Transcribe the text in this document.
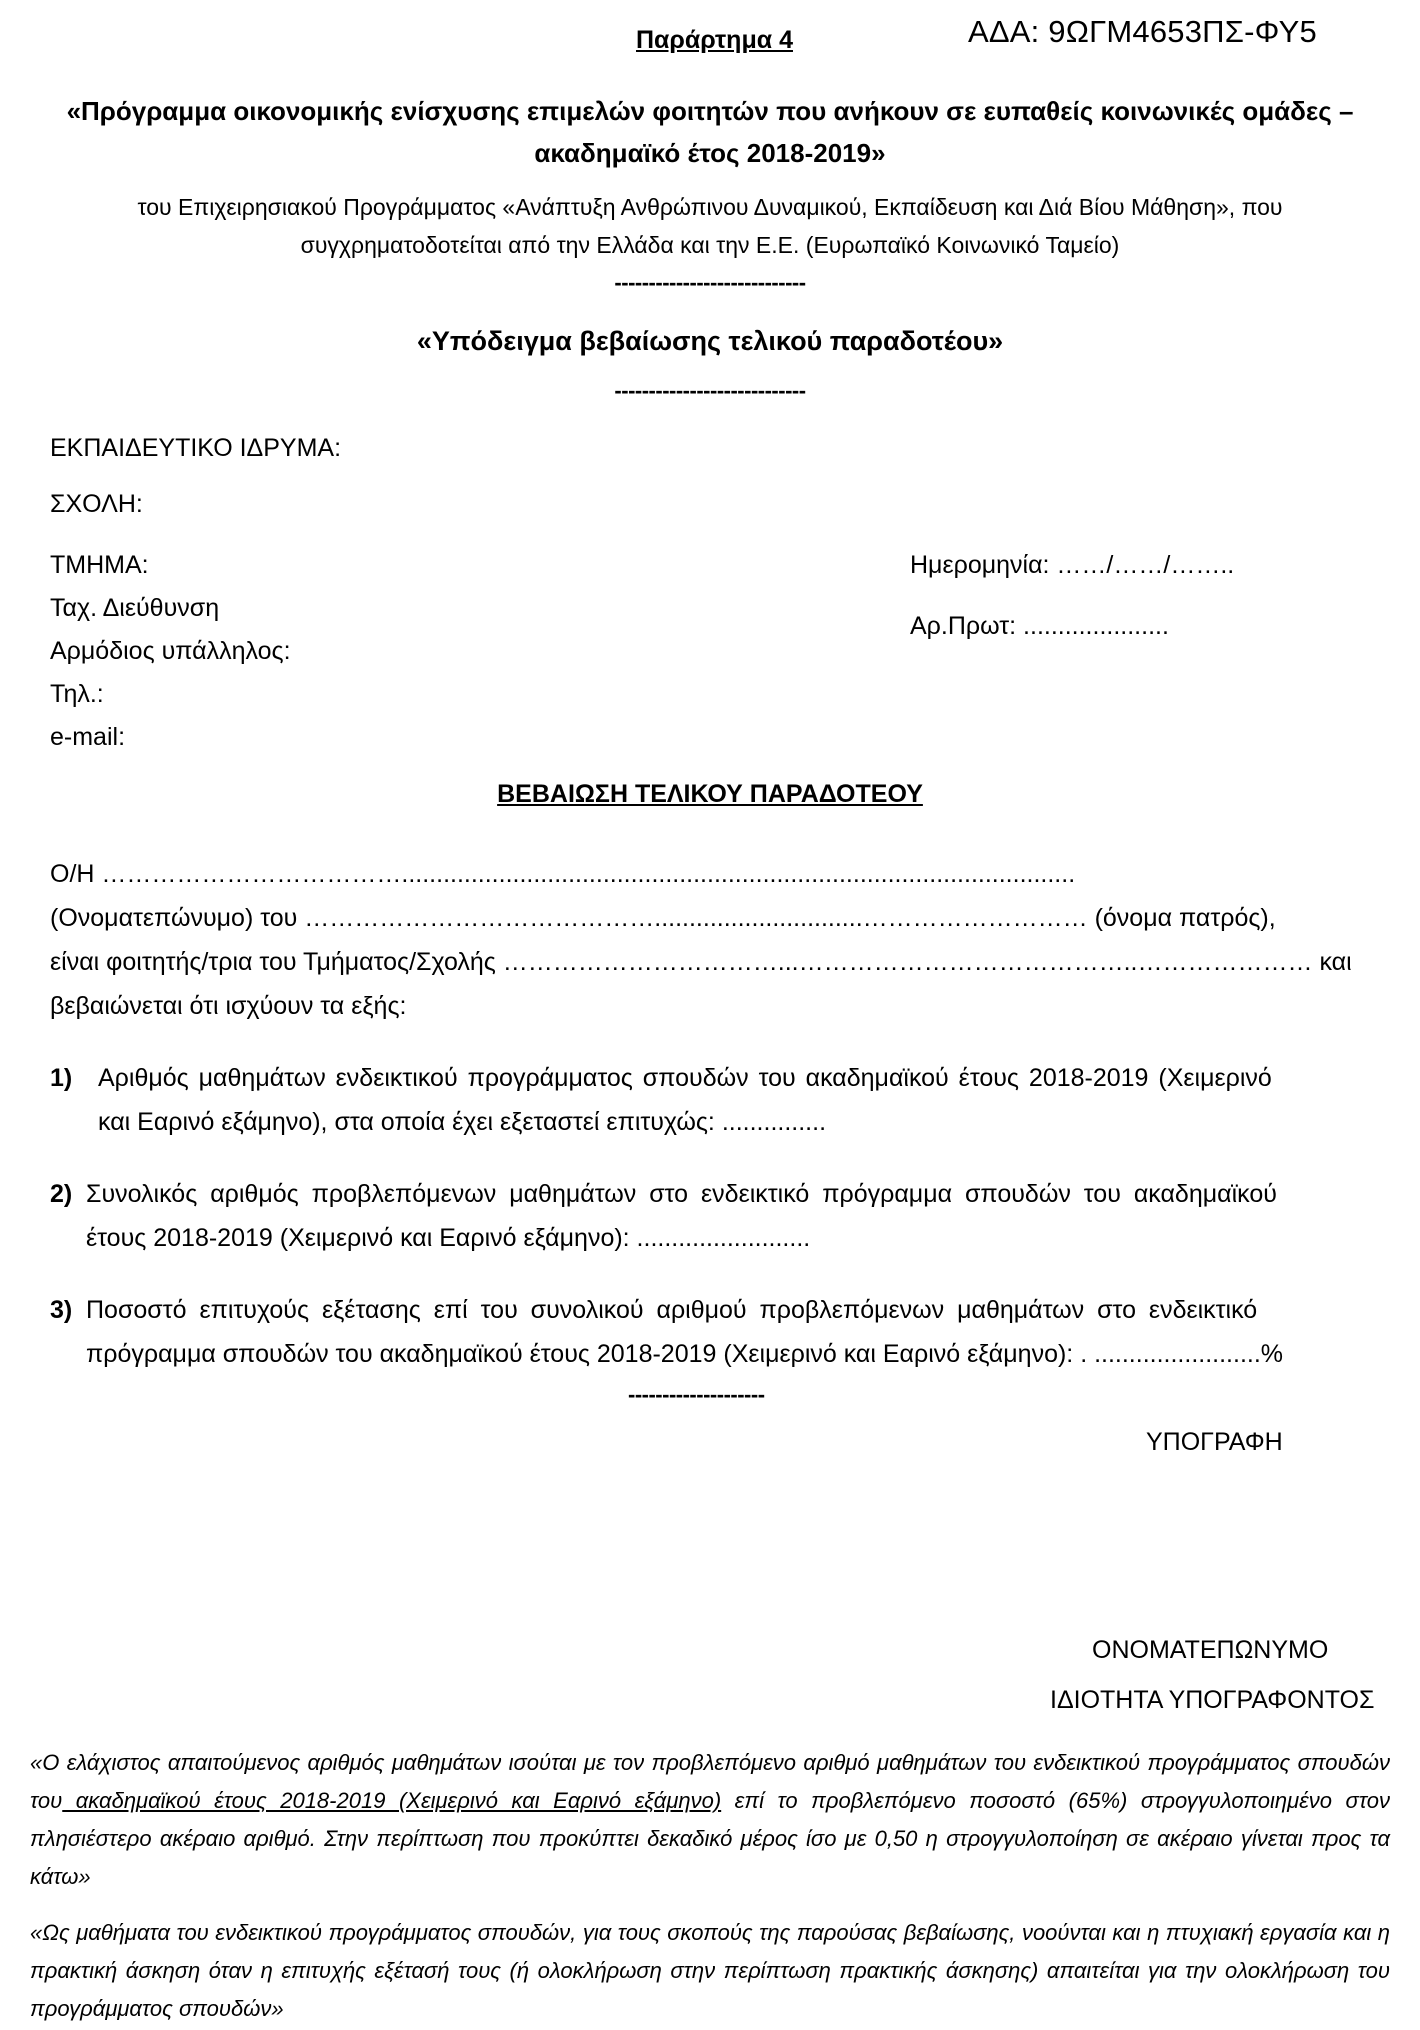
Παράρτημα 4	ΑΔΑ: 9ΩΓΜ4653ΠΣ-ΦΥ5
«Πρόγραμμα οικονομικής ενίσχυσης επιμελών φοιτητών που ανήκουν σε ευπαθείς κοινωνικές ομάδες –
ακαδημαϊκό έτος 2018-2019»
του Επιχειρησιακού Προγράμματος «Ανάπτυξη Ανθρώπινου Δυναμικού, Εκπαίδευση και Διά Βίου Μάθηση», που
συγχρηματοδοτείται από την Ελλάδα και την Ε.Ε. (Ευρωπαϊκό Κοινωνικό Ταμείο)
----------------------------
«Υπόδειγμα βεβαίωσης τελικού παραδοτέου»
----------------------------
ΕΚΠΑΙΔΕΥΤΙΚΟ ΙΔΡΥΜΑ:
ΣΧΟΛΗ:
ΤΜΗΜΑ:
Ταχ. Διεύθυνση
Αρμόδιος υπάλληλος:
Τηλ.:
e-mail:
Ημερομηνία: ……/……/……..
Αρ.Πρωτ: .....................
ΒΕΒΑΙΩΣΗ ΤΕΛΙΚΟΥ ΠΑΡΑΔΟΤΕΟΥ
Ο/Η ……………………………….................................................................................................
(Ονοματεπώνυμο) του ……………………………………..............................……………………… (όνομα πατρός),
είναι φοιτητής/τρια του Τμήματος/Σχολής ……………………………...…………………………………..………………… και
βεβαιώνεται ότι ισχύουν τα εξής:
1) Αριθμός μαθημάτων ενδεικτικού προγράμματος σπουδών του ακαδημαϊκού έτους 2018-2019 (Χειμερινό
και Εαρινό εξάμηνο), στα οποία έχει εξεταστεί επιτυχώς: ...............
2) Συνολικός αριθμός προβλεπόμενων μαθημάτων στο ενδεικτικό πρόγραμμα σπουδών του ακαδημαϊκού
έτους 2018-2019 (Χειμερινό και Εαρινό εξάμηνο): .........................
3) Ποσοστό επιτυχούς εξέτασης επί του συνολικού αριθμού προβλεπόμενων μαθημάτων στο ενδεικτικό
πρόγραμμα σπουδών του ακαδημαϊκού έτους 2018-2019 (Χειμερινό και Εαρινό εξάμηνο): . ........................%
--------------------
ΥΠΟΓΡΑΦΗ
ΟΝΟΜΑΤΕΠΩΝΥΜΟ
ΙΔΙΟΤΗΤΑ ΥΠΟΓΡΑΦΟΝΤΟΣ
«Ο ελάχιστος απαιτούμενος αριθμός μαθημάτων ισούται με τον προβλεπόμενο αριθμό μαθημάτων του ενδεικτικού προγράμματος σπουδών του ακαδημαϊκού έτους 2018-2019 (Χειμερινό και Εαρινό εξάμηνο) επί το προβλεπόμενο ποσοστό (65%) στρογγυλοποιημένο στον πλησιέστερο ακέραιο αριθμό. Στην περίπτωση που προκύπτει δεκαδικό μέρος ίσο με 0,50 η στρογγυλοποίηση σε ακέραιο γίνεται προς τα κάτω»
«Ως μαθήματα του ενδεικτικού προγράμματος σπουδών, για τους σκοπούς της παρούσας βεβαίωσης, νοούνται και η πτυχιακή εργασία και η πρακτική άσκηση όταν η επιτυχής εξέτασή τους (ή ολοκλήρωση στην περίπτωση πρακτικής άσκησης) απαιτείται για την ολοκλήρωση του προγράμματος σπουδών»
